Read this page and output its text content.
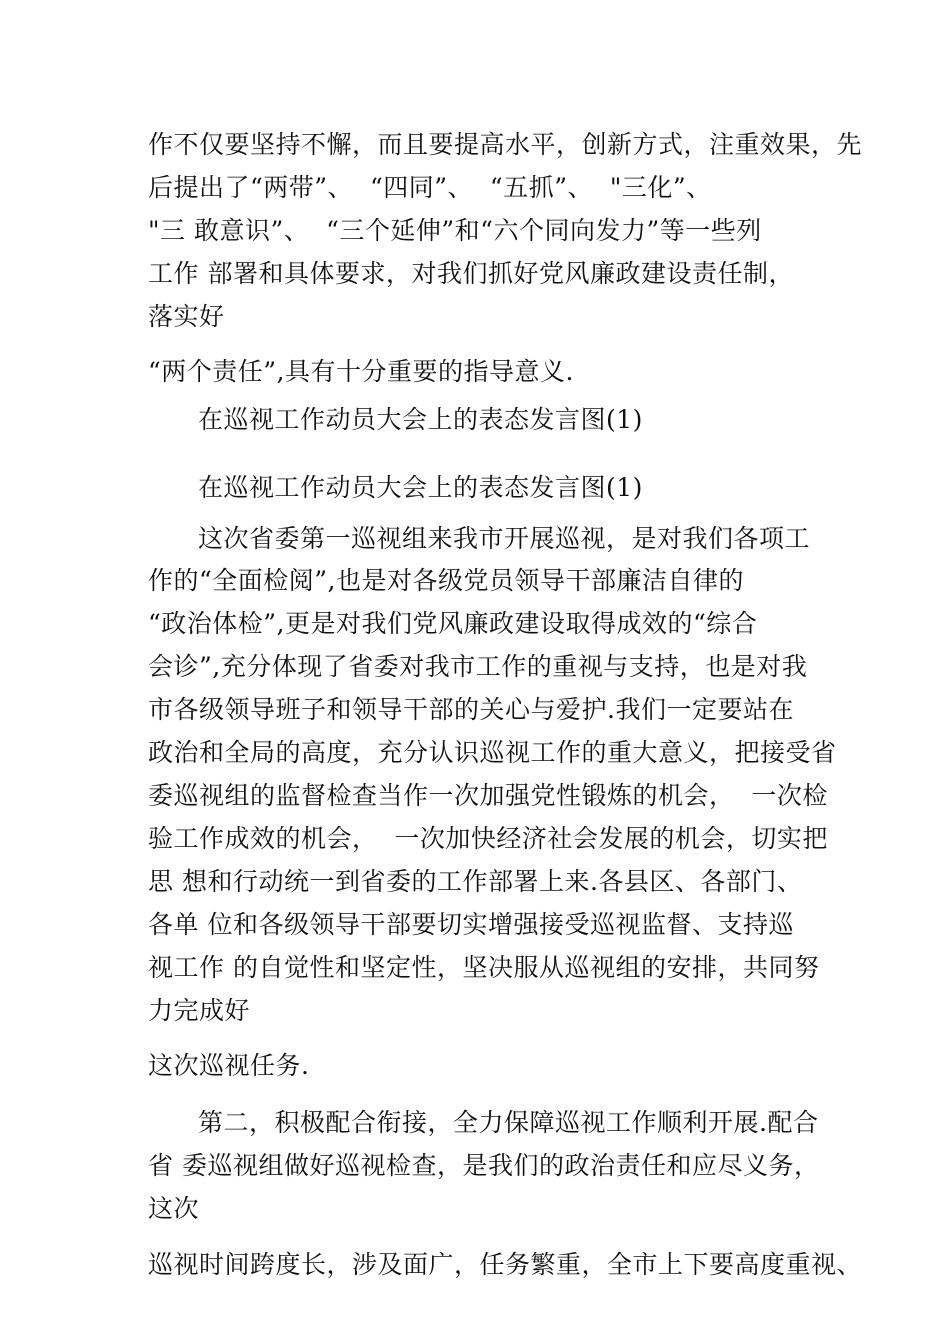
作不仅要坚持不懈，而且要提高水平，创新方式，注重效果，先
后提出了“两带”、  “四同”、  “五抓”、  "三化”、
"三 敢意识”、  “三个延伸”和“六个同向发力”等一些列
工作 部署和具体要求，对我们抓好党风廉政建设责任制，
落实好
“两个责任”,具有十分重要的指导意义.
在巡视工作动员大会上的表态发言图(1)
在巡视工作动员大会上的表态发言图(1)
这次省委第一巡视组来我市开展巡视，是对我们各项工
作的“全面检阅”,也是对各级党员领导干部廉洁自律的
“政治体检”,更是对我们党风廉政建设取得成效的“综合
会诊”,充分体现了省委对我市工作的重视与支持，也是对我
市各级领导班子和领导干部的关心与爱护.我们一定要站在
政治和全局的高度，充分认识巡视工作的重大意义，把接受省
委巡视组的监督检查当作一次加强党性锻炼的机会，  一次检
验工作成效的机会，  一次加快经济社会发展的机会，切实把
思 想和行动统一到省委的工作部署上来.各县区、各部门、
各单 位和各级领导干部要切实增强接受巡视监督、支持巡
视工作 的自觉性和坚定性，坚决服从巡视组的安排，共同努
力完成好
这次巡视任务.
第二，积极配合衔接，全力保障巡视工作顺利开展.配合
省 委巡视组做好巡视检查，是我们的政治责任和应尽义务，
这次
巡视时间跨度长，涉及面广，任务繁重，全市上下要高度重视、
